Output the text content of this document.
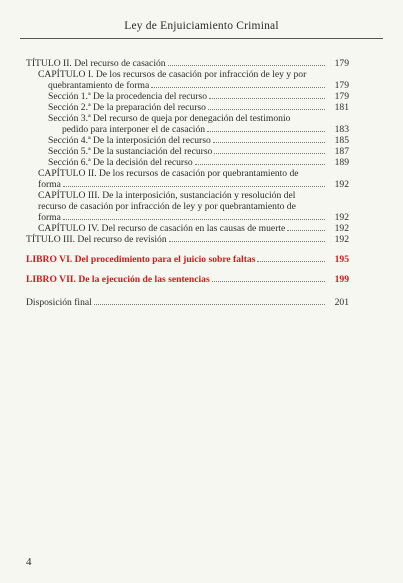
Ley de Enjuiciamiento Criminal
TÍTULO II. Del recurso de casación	179
CAPÍTULO I. De los recursos de casación por infracción de ley y por
quebrantamiento de forma	179
Sección 1.ª De la procedencia del recurso	179
Sección 2.ª De la preparación del recurso	181
Sección 3.ª Del recurso de queja por denegación del testimonio
pedido para interponer el de casación	183
Sección 4.ª De la interposición del recurso	185
Sección 5.ª De la sustanciación del recurso	187
Sección 6.ª De la decisión del recurso	189
CAPÍTULO II. De los recursos de casación por quebrantamiento de
forma	192
CAPÍTULO III. De la interposición, sustanciación y resolución del
recurso de casación por infracción de ley y por quebrantamiento de
forma	192
CAPÍTULO IV. Del recurso de casación en las causas de muerte	192
TÍTULO III. Del recurso de revisión	192
LIBRO VI. Del procedimiento para el juicio sobre faltas	195
LIBRO VII. De la ejecución de las sentencias	199
Disposición final	201
4
